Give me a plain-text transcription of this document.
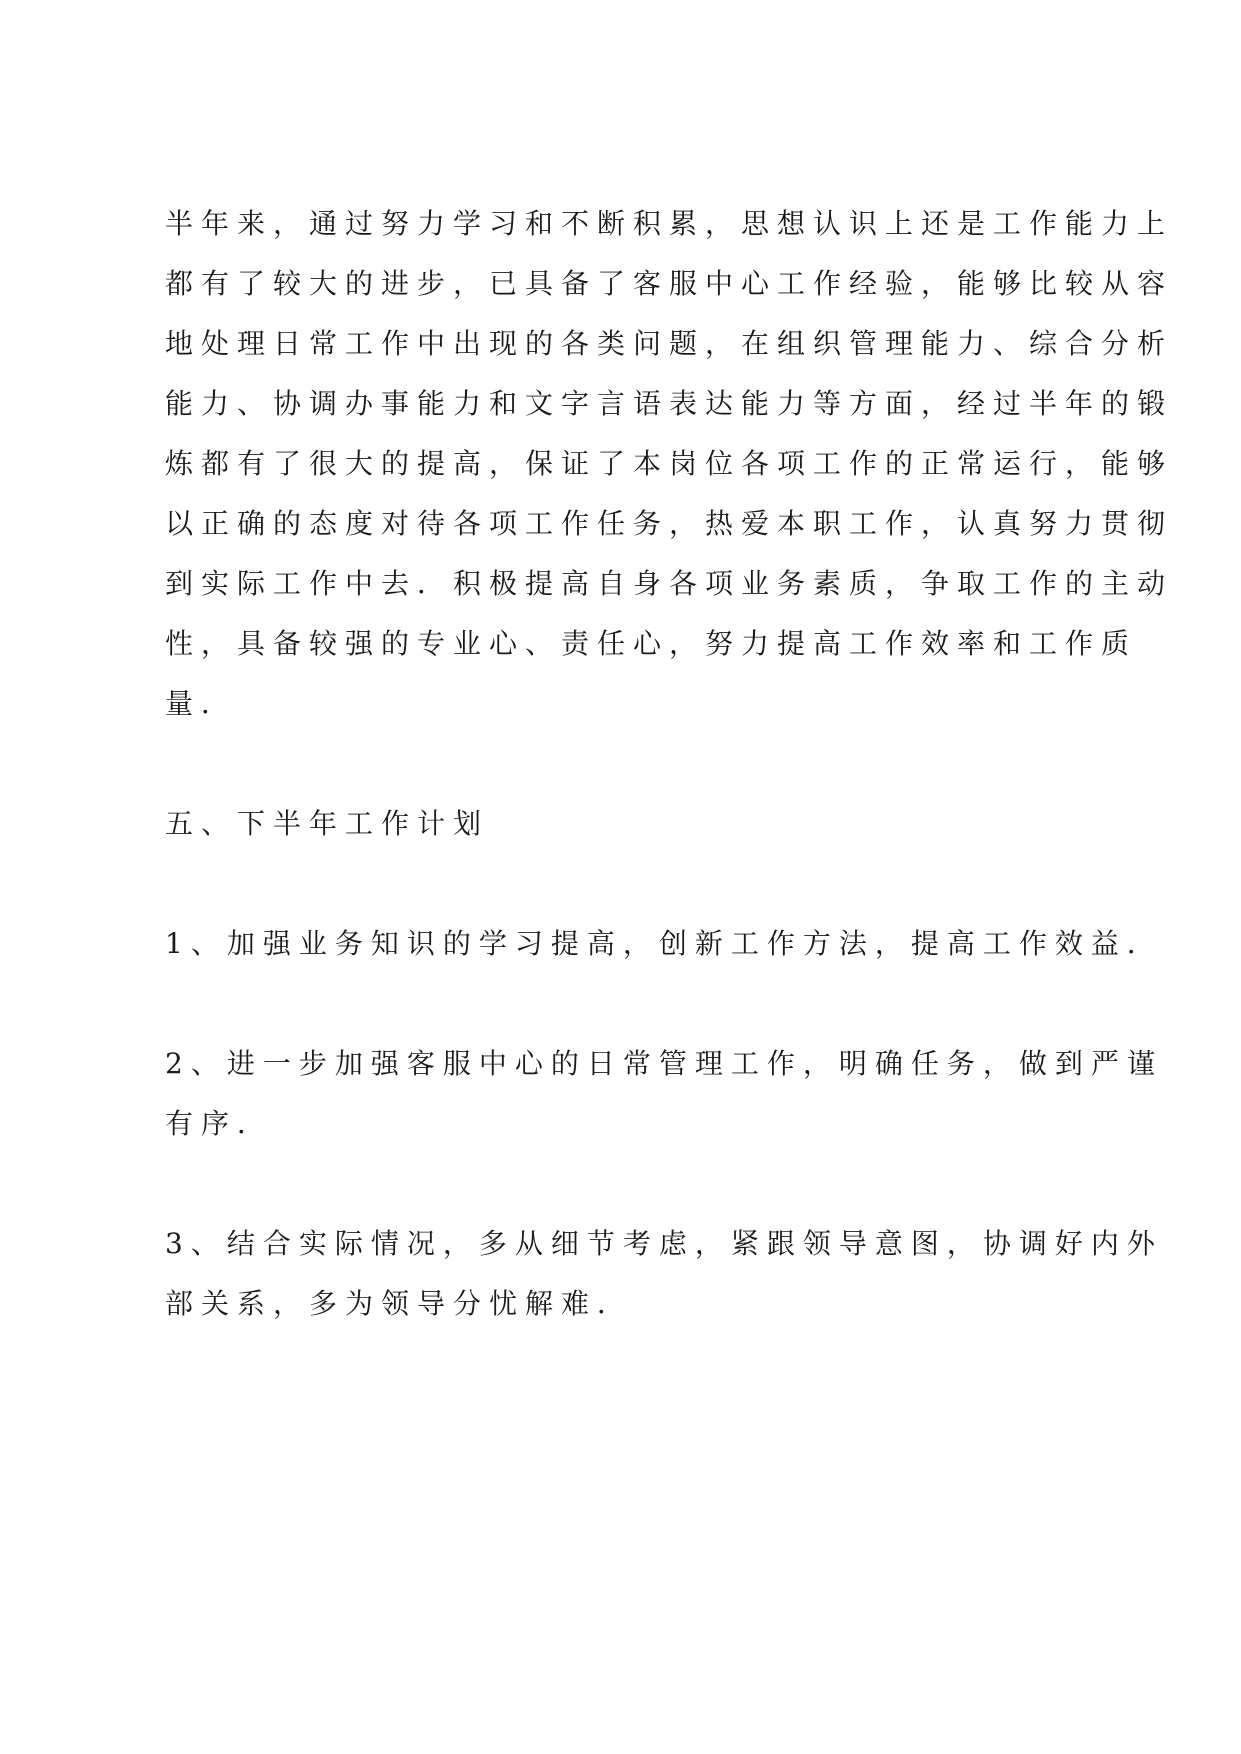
半年来，通过努力学习和不断积累，思想认识上还是工作能力上

都有了较大的进步，已具备了客服中心工作经验，能够比较从容

地处理日常工作中出现的各类问题，在组织管理能力、综合分析

能力、协调办事能力和文字言语表达能力等方面，经过半年的锻

炼都有了很大的提高，保证了本岗位各项工作的正常运行，能够

以正确的态度对待各项工作任务，热爱本职工作，认真努力贯彻

到实际工作中去．积极提高自身各项业务素质，争取工作的主动

性，具备较强的专业心、责任心，努力提高工作效率和工作质

量．

五、下半年工作计划

1、加强业务知识的学习提高，创新工作方法，提高工作效益．

2、进一步加强客服中心的日常管理工作，明确任务，做到严谨

有序．

3、结合实际情况，多从细节考虑，紧跟领导意图，协调好内外

部关系，多为领导分忧解难．
